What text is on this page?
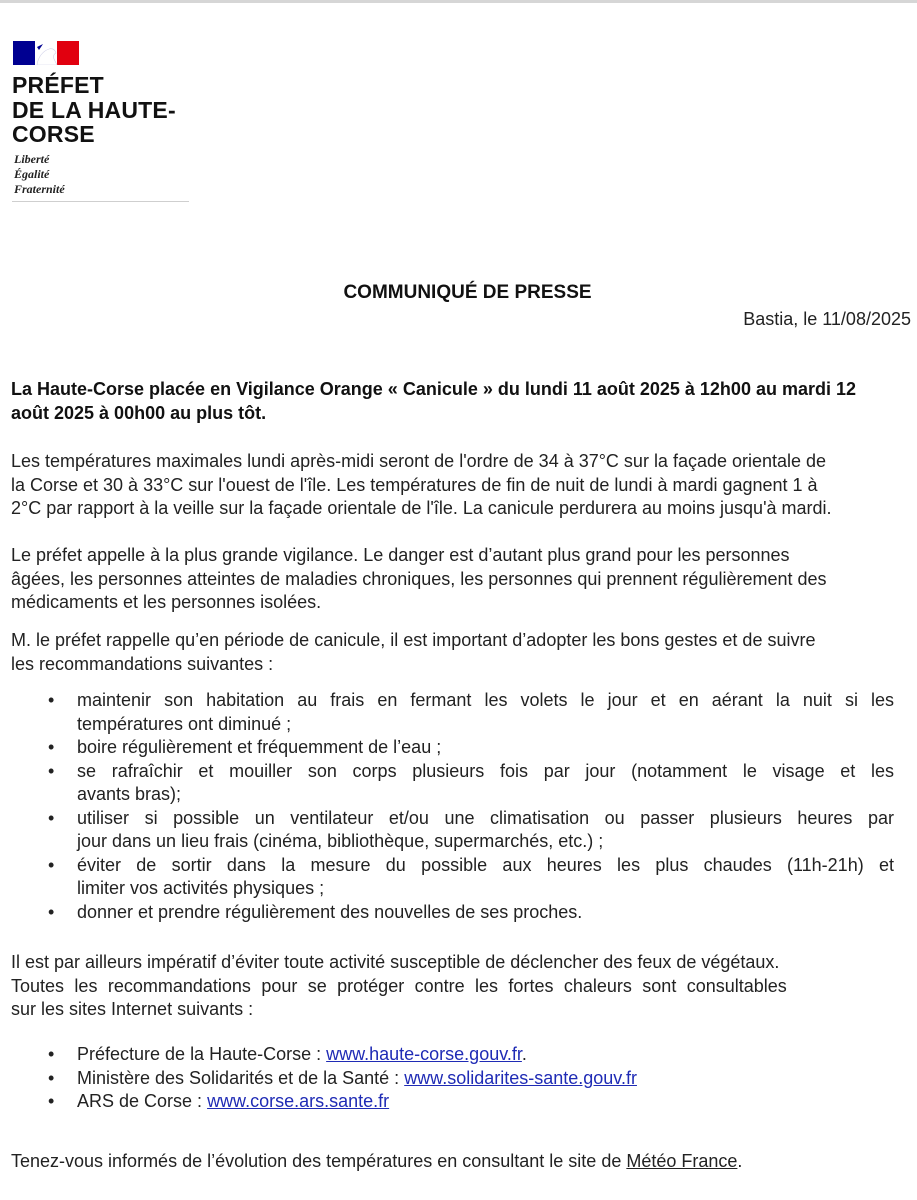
PRÉFET
DE LA HAUTE-
CORSE
Liberté
Égalité
Fraternité
COMMUNIQUÉ DE PRESSE
Bastia, le 11/08/2025
La Haute-Corse placée en Vigilance Orange « Canicule » du lundi 11 août 2025 à 12h00 au mardi 12
août 2025 à 00h00 au plus tôt.
Les températures maximales lundi après-midi seront de l'ordre de 34 à 37°C sur la façade orientale de
la Corse et 30 à 33°C sur l'ouest de l'île. Les températures de fin de nuit de lundi à mardi gagnent 1 à
2°C par rapport à la veille sur la façade orientale de l'île. La canicule perdurera au moins jusqu'à mardi.
Le préfet appelle à la plus grande vigilance. Le danger est d’autant plus grand pour les personnes
âgées, les personnes atteintes de maladies chroniques, les personnes qui prennent régulièrement des
médicaments et les personnes isolées.
M. le préfet rappelle qu’en période de canicule, il est important d’adopter les bons gestes et de suivre
les recommandations suivantes :
• maintenir son habitation au frais en fermant les volets le jour et en aérant la nuit si les
températures ont diminué ;
• boire régulièrement et fréquemment de l’eau ;
• se rafraîchir et mouiller son corps plusieurs fois par jour (notamment le visage et les
avants bras);
• utiliser si possible un ventilateur et/ou une climatisation ou passer plusieurs heures par
jour dans un lieu frais (cinéma, bibliothèque, supermarchés, etc.) ;
• éviter de sortir dans la mesure du possible aux heures les plus chaudes (11h-21h) et
limiter vos activités physiques ;
• donner et prendre régulièrement des nouvelles de ses proches.
Il est par ailleurs impératif d’éviter toute activité susceptible de déclencher des feux de végétaux.
Toutes les recommandations pour se protéger contre les fortes chaleurs sont consultables
sur les sites Internet suivants :
• Préfecture de la Haute-Corse : www.haute-corse.gouv.fr.
• Ministère des Solidarités et de la Santé : www.solidarites-sante.gouv.fr
• ARS de Corse : www.corse.ars.sante.fr
Tenez-vous informés de l’évolution des températures en consultant le site de Météo France.
